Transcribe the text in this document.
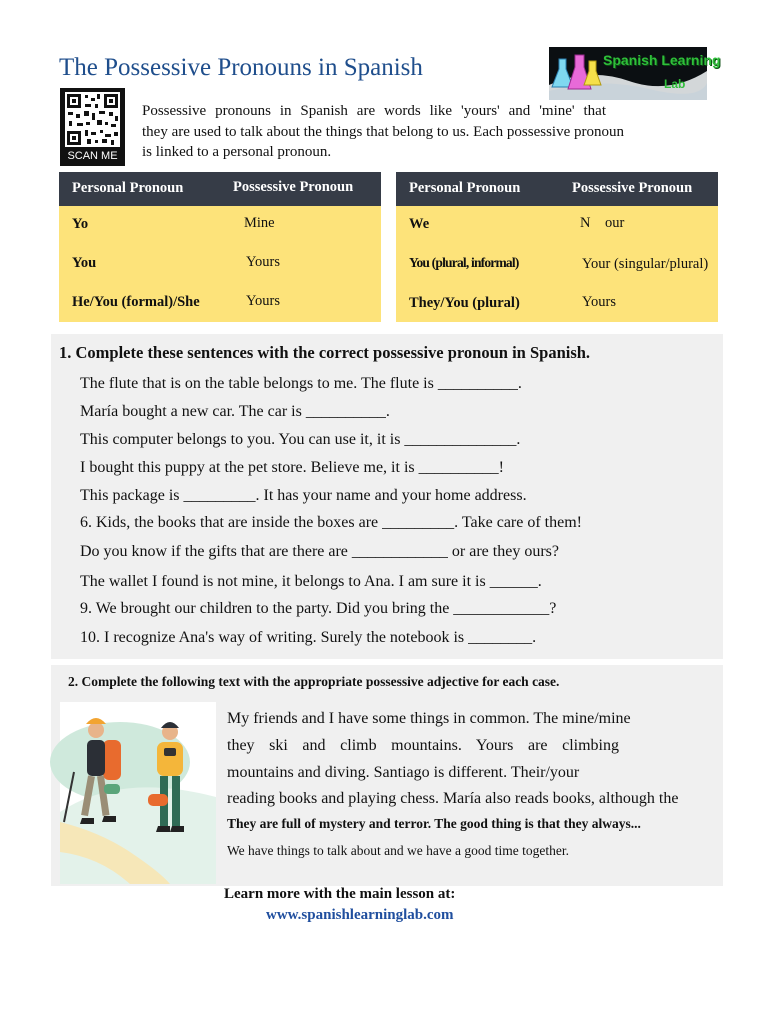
The Possessive Pronouns in Spanish	Spanish Learning
Lab
SCAN ME
Possessive pronouns in Spanish are words like 'yours' and 'mine' that
they are used to talk about the things that belong to us. Each possessive pronoun
is linked to a personal pronoun.
Personal Pronoun	Possessive Pronoun
Yo	Mine
You	Yours
He/You (formal)/She	Yours
Personal Pronoun	Possessive Pronoun
We	N    our
You (plural, informal)	Your (singular/plural)
They/You (plural)	Yours
1. Complete these sentences with the correct possessive pronoun in Spanish.
The flute that is on the table belongs to me. The flute is __________.
María bought a new car. The car is __________.
This computer belongs to you. You can use it, it is ______________.
I bought this puppy at the pet store. Believe me, it is __________!
This package is _________. It has your name and your home address.
6. Kids, the books that are inside the boxes are _________. Take care of them!
Do you know if the gifts that are there are ____________ or are they ours?
The wallet I found is not mine, it belongs to Ana. I am sure it is ______.
9. We brought our children to the party. Did you bring the ____________?
10. I recognize Ana's way of writing. Surely the notebook is ________.
2. Complete the following text with the appropriate possessive adjective for each case.
My friends and I have some things in common. The mine/mine
they ski and climb mountains. Yours are climbing
mountains and diving. Santiago is different. Their/your
reading books and playing chess. María also reads books, although the
They are full of mystery and terror. The good thing is that they always...
We have things to talk about and we have a good time together.
Learn more with the main lesson at:
www.spanishlearninglab.com
